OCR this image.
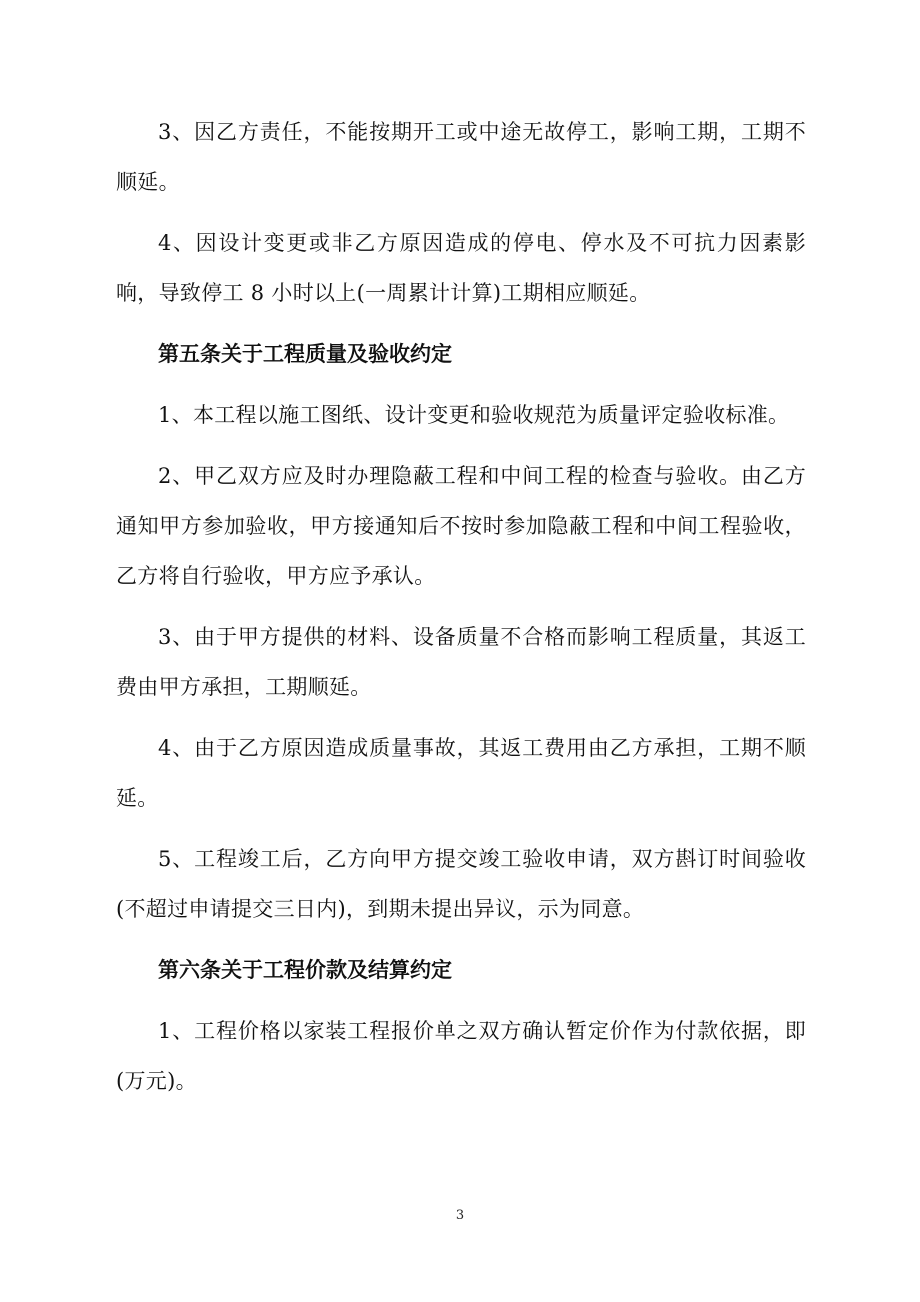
3、因乙方责任，不能按期开工或中途无故停工，影响工期，工期不顺延。

4、因设计变更或非乙方原因造成的停电、停水及不可抗力因素影响，导致停工 8 小时以上(一周累计计算)工期相应顺延。

第五条关于工程质量及验收约定

1、本工程以施工图纸、设计变更和验收规范为质量评定验收标准。

2、甲乙双方应及时办理隐蔽工程和中间工程的检查与验收。由乙方通知甲方参加验收，甲方接通知后不按时参加隐蔽工程和中间工程验收，乙方将自行验收，甲方应予承认。

3、由于甲方提供的材料、设备质量不合格而影响工程质量，其返工费由甲方承担，工期顺延。

4、由于乙方原因造成质量事故，其返工费用由乙方承担，工期不顺延。

5、工程竣工后，乙方向甲方提交竣工验收申请，双方斟订时间验收(不超过申请提交三日内)，到期未提出异议，示为同意。

第六条关于工程价款及结算约定

1、工程价格以家装工程报价单之双方确认暂定价作为付款依据，即(万元)。

3
